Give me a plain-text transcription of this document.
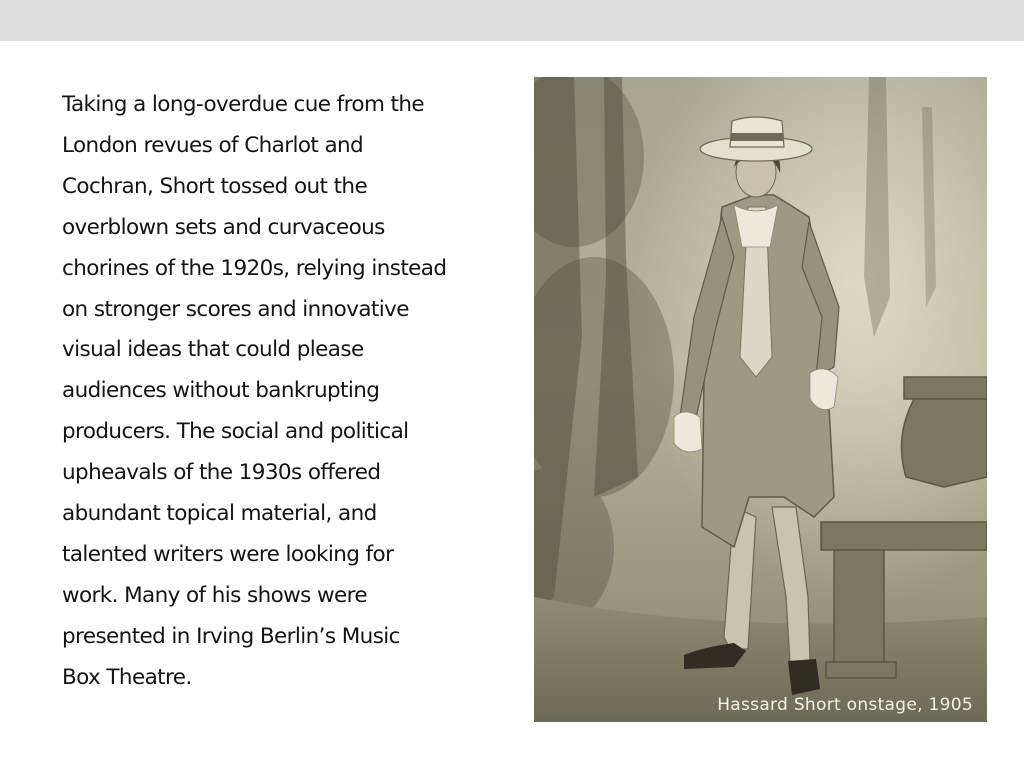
Taking a long-overdue cue from the
London revues of Charlot and
Cochran, Short tossed out the
overblown sets and curvaceous
chorines of the 1920s, relying instead
on stronger scores and innovative
visual ideas that could please
audiences without bankrupting
producers. The social and political
upheavals of the 1930s offered
abundant topical material, and
talented writers were looking for
work. Many of his shows were
presented in Irving Berlin’s Music
Box Theatre.

Hassard Short onstage, 1905
